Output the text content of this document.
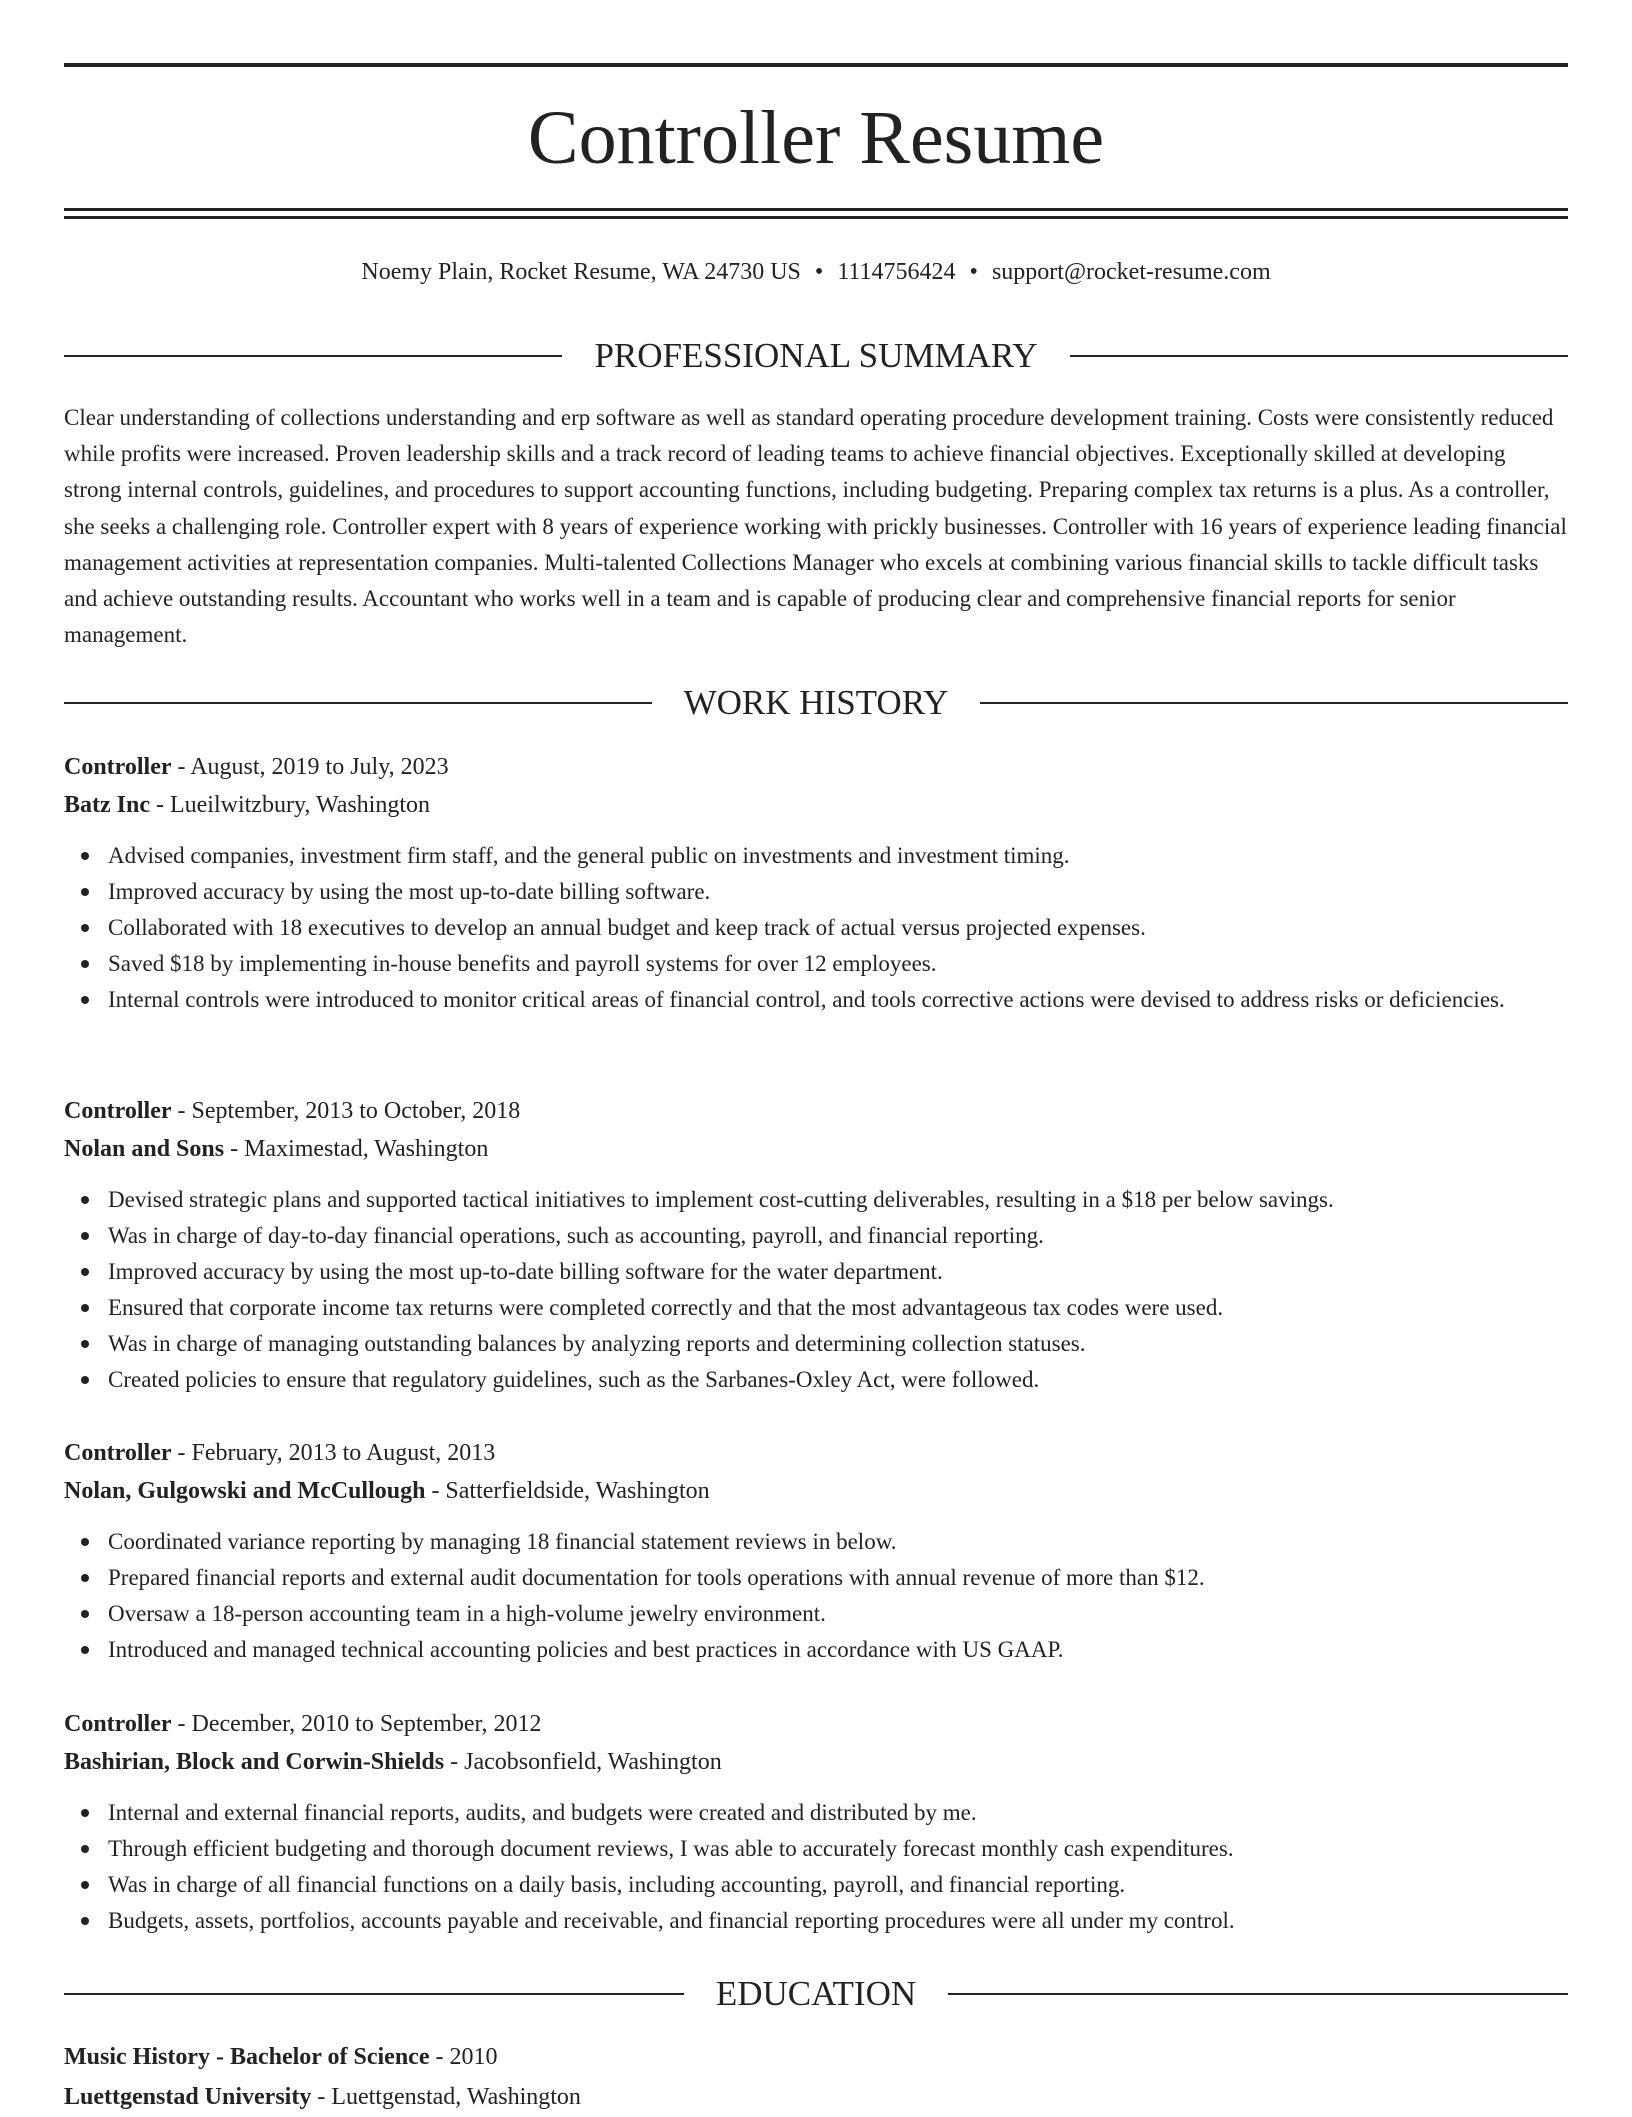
Controller Resume
Noemy Plain, Rocket Resume, WA 24730 US • 1114756424 • support@rocket-resume.com
PROFESSIONAL SUMMARY

Clear understanding of collections understanding and erp software as well as standard operating procedure development training. Costs were consistently reduced while profits were increased. Proven leadership skills and a track record of leading teams to achieve financial objectives. Exceptionally skilled at developing strong internal controls, guidelines, and procedures to support accounting functions, including budgeting. Preparing complex tax returns is a plus. As a controller, she seeks a challenging role. Controller expert with 8 years of experience working with prickly businesses. Controller with 16 years of experience leading financial management activities at representation companies. Multi-talented Collections Manager who excels at combining various financial skills to tackle difficult tasks and achieve outstanding results. Accountant who works well in a team and is capable of producing clear and comprehensive financial reports for senior management.

WORK HISTORY
Controller - August, 2019 to July, 2023
Batz Inc - Lueilwitzbury, Washington
Advised companies, investment firm staff, and the general public on investments and investment timing.
Improved accuracy by using the most up-to-date billing software.
Collaborated with 18 executives to develop an annual budget and keep track of actual versus projected expenses.
Saved $18 by implementing in-house benefits and payroll systems for over 12 employees.
Internal controls were introduced to monitor critical areas of financial control, and tools corrective actions were devised to address risks or deficiencies.
Controller - September, 2013 to October, 2018
Nolan and Sons - Maximestad, Washington
Devised strategic plans and supported tactical initiatives to implement cost-cutting deliverables, resulting in a $18 per below savings.
Was in charge of day-to-day financial operations, such as accounting, payroll, and financial reporting.
Improved accuracy by using the most up-to-date billing software for the water department.
Ensured that corporate income tax returns were completed correctly and that the most advantageous tax codes were used.
Was in charge of managing outstanding balances by analyzing reports and determining collection statuses.
Created policies to ensure that regulatory guidelines, such as the Sarbanes-Oxley Act, were followed.
Controller - February, 2013 to August, 2013
Nolan, Gulgowski and McCullough - Satterfieldside, Washington
Coordinated variance reporting by managing 18 financial statement reviews in below.
Prepared financial reports and external audit documentation for tools operations with annual revenue of more than $12.
Oversaw a 18-person accounting team in a high-volume jewelry environment.
Introduced and managed technical accounting policies and best practices in accordance with US GAAP.
Controller - December, 2010 to September, 2012
Bashirian, Block and Corwin-Shields - Jacobsonfield, Washington
Internal and external financial reports, audits, and budgets were created and distributed by me.
Through efficient budgeting and thorough document reviews, I was able to accurately forecast monthly cash expenditures.
Was in charge of all financial functions on a daily basis, including accounting, payroll, and financial reporting.
Budgets, assets, portfolios, accounts payable and receivable, and financial reporting procedures were all under my control.
EDUCATION
Music History - Bachelor of Science - 2010
Luettgenstad University - Luettgenstad, Washington
